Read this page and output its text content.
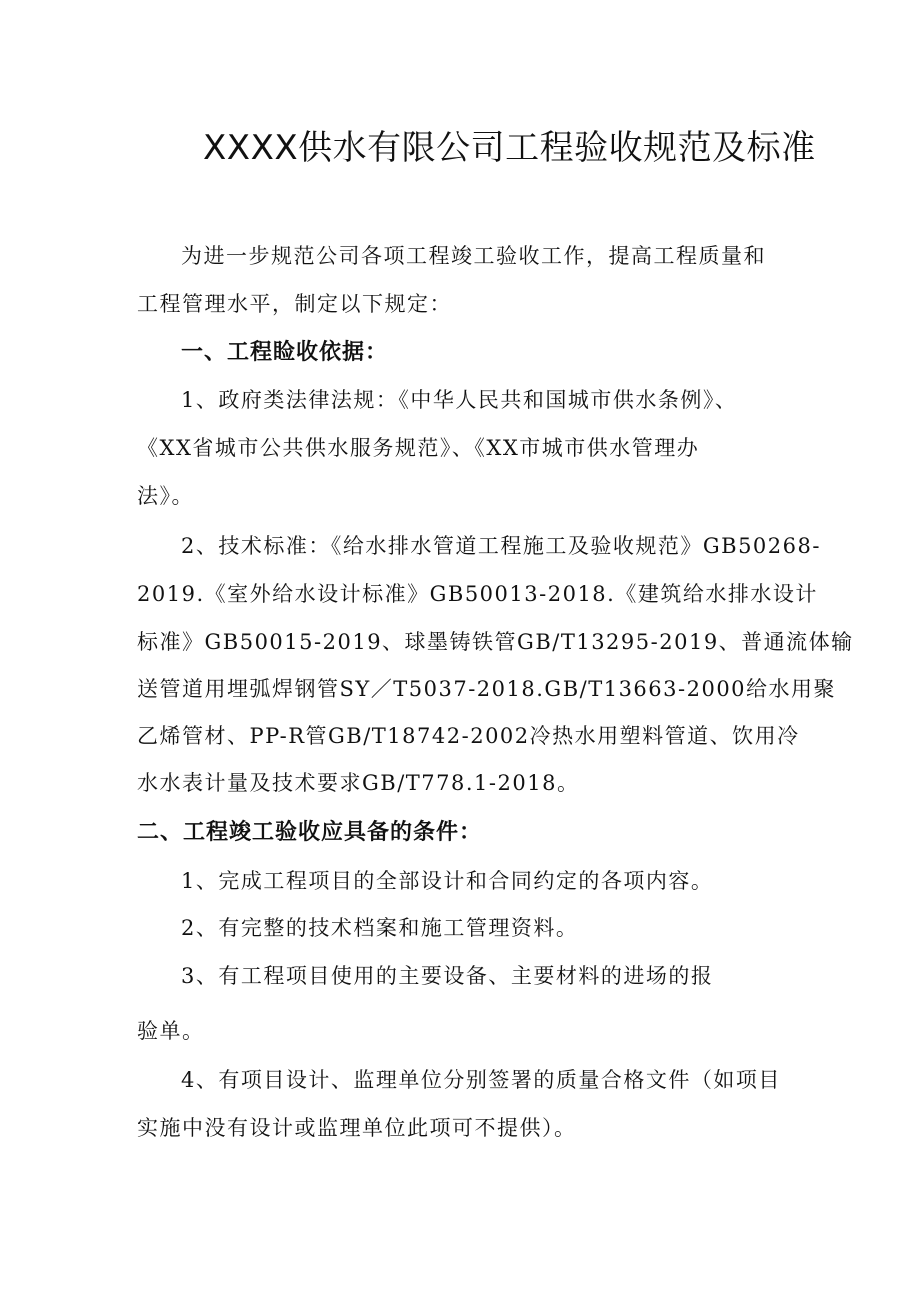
XXXX供水有限公司工程验收规范及标准
为进一步规范公司各项工程竣工验收工作，提高工程质量和
工程管理水平，制定以下规定：
一、工程睑收依据：
1、政府类法律法规：《中华人民共和国城市供水条例》、
《XX省城市公共供水服务规范》、《XX市城市供水管理办
法》。
2、技术标准：《给水排水管道工程施工及验收规范》GB50268-
2019.《室外给水设计标准》GB50013-2018.《建筑给水排水设计
标准》GB50015-2019、球墨铸铁管GB/T13295-2019、普通流体输
送管道用埋弧焊钢管SY／T5037-2018.GB/T13663-2000给水用聚
乙烯管材、PP-R管GB/T18742-2002冷热水用塑料管道、饮用冷
水水表计量及技术要求GB/T778.1-2018。
二、工程竣工验收应具备的条件：
1、完成工程项目的全部设计和合同约定的各项内容。
2、有完整的技术档案和施工管理资料。
3、有工程项目使用的主要设备、主要材料的进场的报
验单。
4、有项目设计、监理单位分别签署的质量合格文件（如项目
实施中没有设计或监理单位此项可不提供）。
